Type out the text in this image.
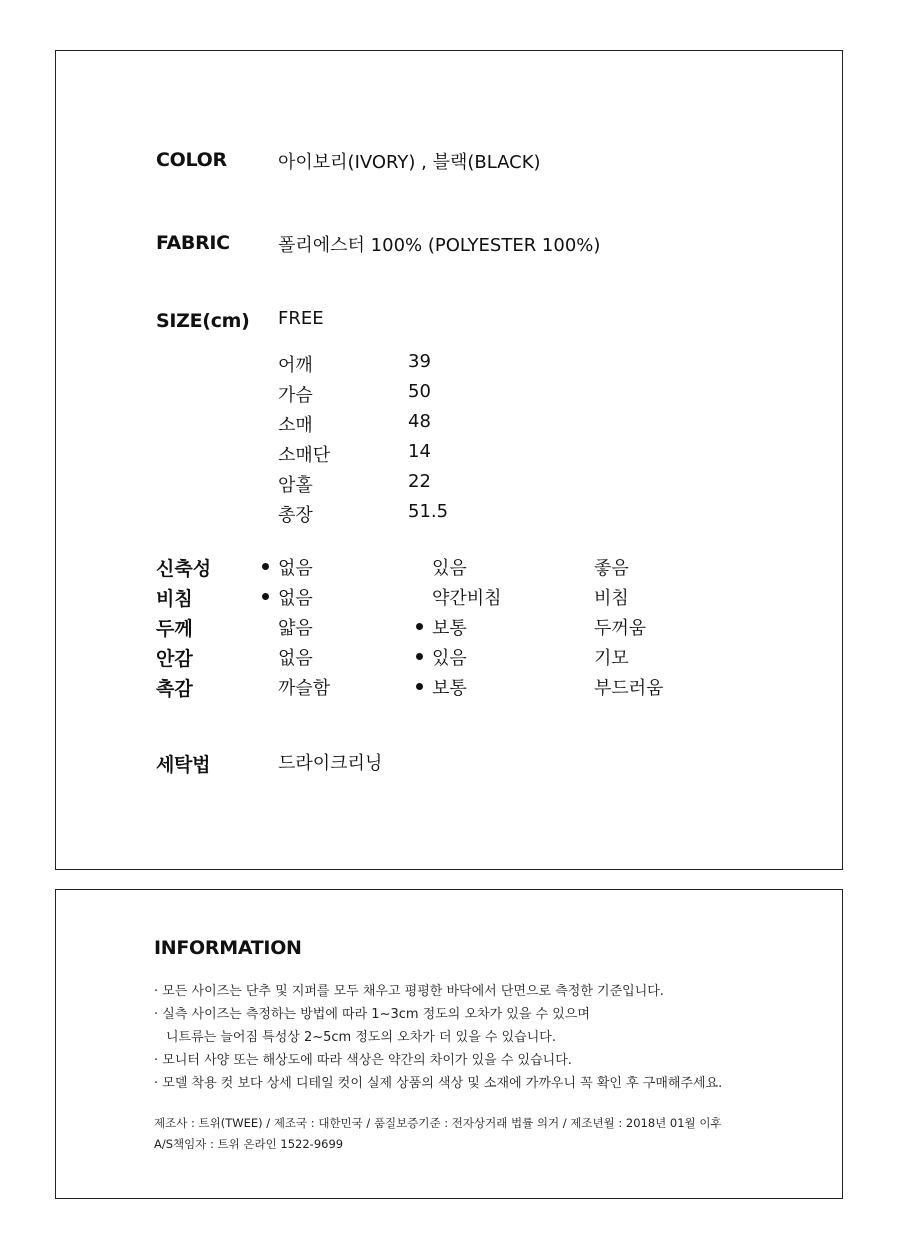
COLOR	아이보리(IVORY) , 블랙(BLACK)
FABRIC	폴리에스터 100% (POLYESTER 100%)
SIZE(cm) FREE
어깨	39
가슴	50
소매	48
소매단	14
암홀	22
총장	51.5
신축성	없음	있음	좋음
비침	없음	약간비침	비침
두께	얇음	보통	두꺼움
안감	없음	있음	기모
촉감	까슬함	보통	부드러움
세탁법	드라이크리닝
INFORMATION
· 모든 사이즈는 단추 및 지퍼를 모두 채우고 평평한 바닥에서 단면으로 측정한 기준입니다.
· 실측 사이즈는 측정하는 방법에 따라 1~3cm 정도의 오차가 있을 수 있으며
니트류는 늘어짐 특성상 2~5cm 정도의 오차가 더 있을 수 있습니다.
· 모니터 사양 또는 해상도에 따라 색상은 약간의 차이가 있을 수 있습니다.
· 모델 착용 컷 보다 상세 디테일 컷이 실제 상품의 색상 및 소재에 가까우니 꼭 확인 후 구매해주세요.
제조사 : 트위(TWEE) / 제조국 : 대한민국 / 품질보증기준 : 전자상거래 법률 의거 / 제조년월 : 2018년 01월 이후
A/S책임자 : 트위 온라인 1522-9699
